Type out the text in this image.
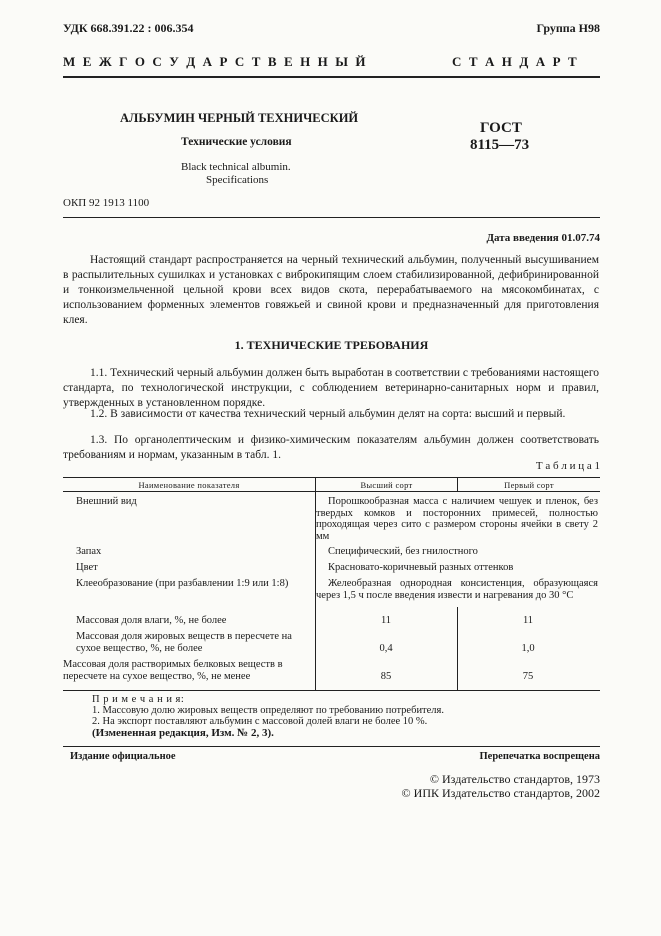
УДК 668.391.22 : 006.354	Группа Н98
М Е Ж Г О С У Д А Р С Т В Е Н Н Ы Й	С Т А Н Д А Р Т
АЛЬБУМИН ЧЕРНЫЙ ТЕХНИЧЕСКИЙ
Технические условия
Black technical albumin.
Specifications
ГОСТ
8115—73
ОКП 92 1913 1100
Дата введения 01.07.74
Настоящий стандарт распространяется на черный технический альбумин, полученный высушиванием в распылительных сушилках и установках с виброкипящим слоем стабилизированной, дефибринированной и тонкоизмельченной цельной крови всех видов скота, перерабатываемого на мясокомбинатах, с использованием форменных элементов говяжьей и свиной крови и предназначенный для приготовления клея.
1. ТЕХНИЧЕСКИЕ ТРЕБОВАНИЯ
1.1. Технический черный альбумин должен быть выработан в соответствии с требованиями настоящего стандарта, по технологической инструкции, с соблюдением ветеринарно-санитарных норм и правил, утвержденных в установленном порядке.
1.2. В зависимости от качества технический черный альбумин делят на сорта: высший и первый.
1.3. По органолептическим и физико-химическим показателям альбумин должен соответствовать требованиям и нормам, указанным в табл. 1.
Т а б л и ц а 1
Наименование показателя	Высший сорт	Первый сорт
Внешний вид	Порошкообразная масса с наличием чешуек и пленок, без твердых комков и посторонних примесей, полностью проходящая через сито с размером стороны ячейки в свету 2 мм
Запах	Специфический, без гнилостного
Цвет	Красновато-коричневый разных оттенков
Клееобразование (при разбавлении 1:9 или 1:8)	Желеобразная однородная консистенция, образующаяся через 1,5 ч после введения извести и нагревания до 30 °С
Массовая доля влаги, %, не более	11	11
Массовая доля жировых веществ в пересчете на сухое вещество, %, не более	0,4	1,0
Массовая доля растворимых белковых веществ в пересчете на сухое вещество, %, не менее	85	75
П р и м е ч а н и я:
1. Массовую долю жировых веществ определяют по требованию потребителя.
2. На экспорт поставляют альбумин с массовой долей влаги не более 10 %.
(Измененная редакция, Изм. № 2, 3).
Издание официальное	Перепечатка воспрещена
© Издательство стандартов, 1973
© ИПК Издательство стандартов, 2002
